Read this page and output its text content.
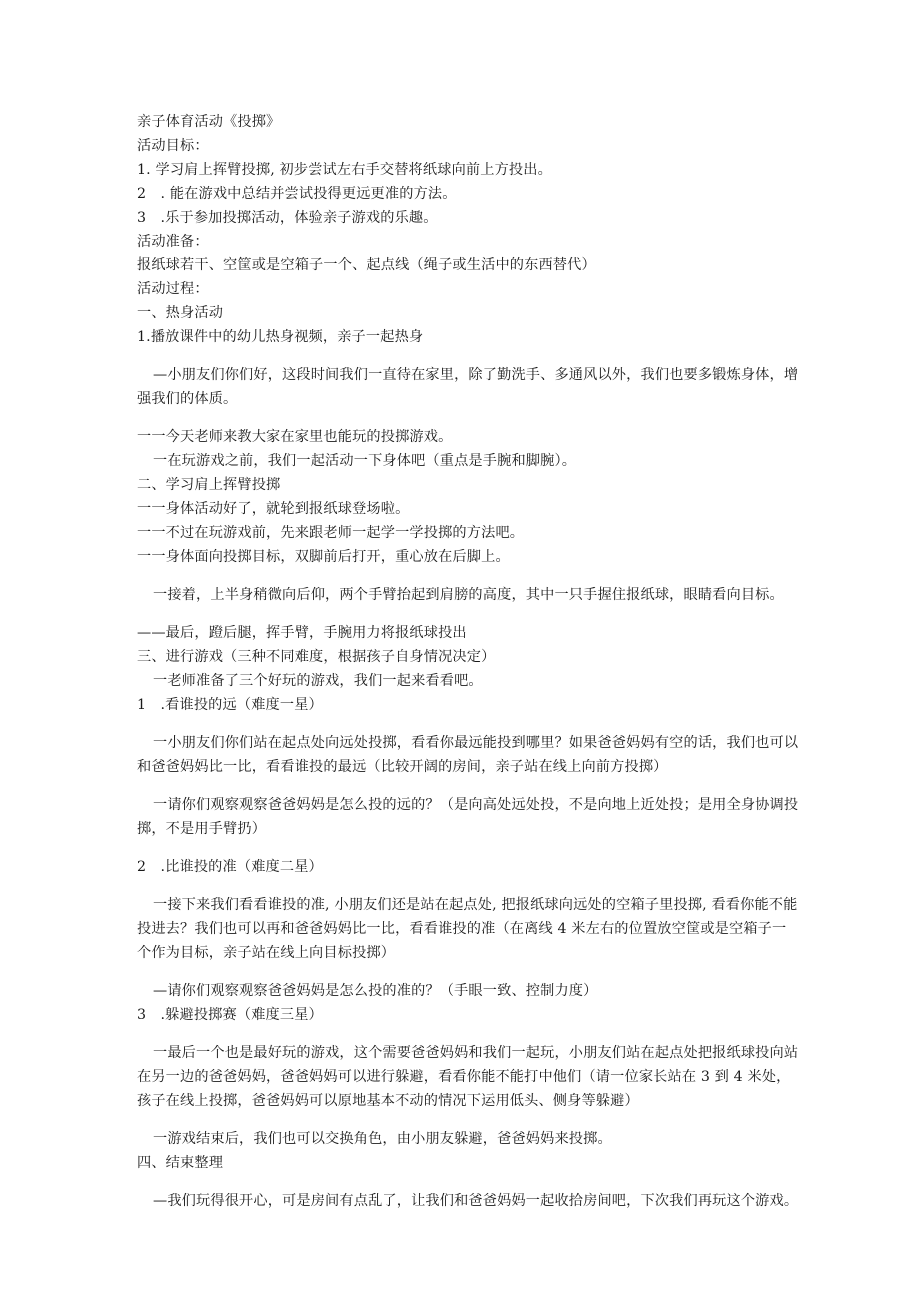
亲子体育活动《投掷》

活动目标：

1. 学习肩上挥臂投掷, 初步尝试左右手交替将纸球向前上方投出。

2　. 能在游戏中总结并尝试投得更远更准的方法。

3　.乐于参加投掷活动，体验亲子游戏的乐趣。

活动准备：

报纸球若干、空筐或是空箱子一个、起点线（绳子或生活中的东西替代）

活动过程：

一、热身活动

1.播放课件中的幼儿热身视频，亲子一起热身

—小朋友们你们好，这段时间我们一直待在家里，除了勤洗手、多通风以外，我们也要多锻炼身体，增强我们的体质。

一一今天老师来教大家在家里也能玩的投掷游戏。

一在玩游戏之前，我们一起活动一下身体吧（重点是手腕和脚腕）。

二、学习肩上挥臂投掷

一一身体活动好了，就轮到报纸球登场啦。

一一不过在玩游戏前，先来跟老师一起学一学投掷的方法吧。

一一身体面向投掷目标，双脚前后打开，重心放在后脚上。

一接着，上半身稍微向后仰，两个手臂抬起到肩膀的高度，其中一只手握住报纸球，眼睛看向目标。

——最后，蹬后腿，挥手臂，手腕用力将报纸球投出

三、进行游戏（三种不同难度，根据孩子自身情况决定）

一老师准备了三个好玩的游戏，我们一起来看看吧。

1　.看谁投的远（难度一星）

一小朋友们你们站在起点处向远处投掷，看看你最远能投到哪里？如果爸爸妈妈有空的话，我们也可以和爸爸妈妈比一比，看看谁投的最远（比较开阔的房间，亲子站在线上向前方投掷）

一请你们观察观察爸爸妈妈是怎么投的远的？（是向高处远处投，不是向地上近处投；是用全身协调投掷，不是用手臂扔）

2　.比谁投的准（难度二星）

一接下来我们看看谁投的准, 小朋友们还是站在起点处, 把报纸球向远处的空箱子里投掷, 看看你能不能投进去？我们也可以再和爸爸妈妈比一比，看看谁投的准（在离线 4 米左右的位置放空筐或是空箱子一个作为目标，亲子站在线上向目标投掷）

—请你们观察观察爸爸妈妈是怎么投的准的？（手眼一致、控制力度）

3　.躲避投掷赛（难度三星）

一最后一个也是最好玩的游戏，这个需要爸爸妈妈和我们一起玩，小朋友们站在起点处把报纸球投向站在另一边的爸爸妈妈，爸爸妈妈可以进行躲避，看看你能不能打中他们（请一位家长站在 3 到 4 米处，孩子在线上投掷，爸爸妈妈可以原地基本不动的情况下运用低头、侧身等躲避）

一游戏结束后，我们也可以交换角色，由小朋友躲避，爸爸妈妈来投掷。

四、结束整理

—我们玩得很开心，可是房间有点乱了，让我们和爸爸妈妈一起收拾房间吧，下次我们再玩这个游戏。
